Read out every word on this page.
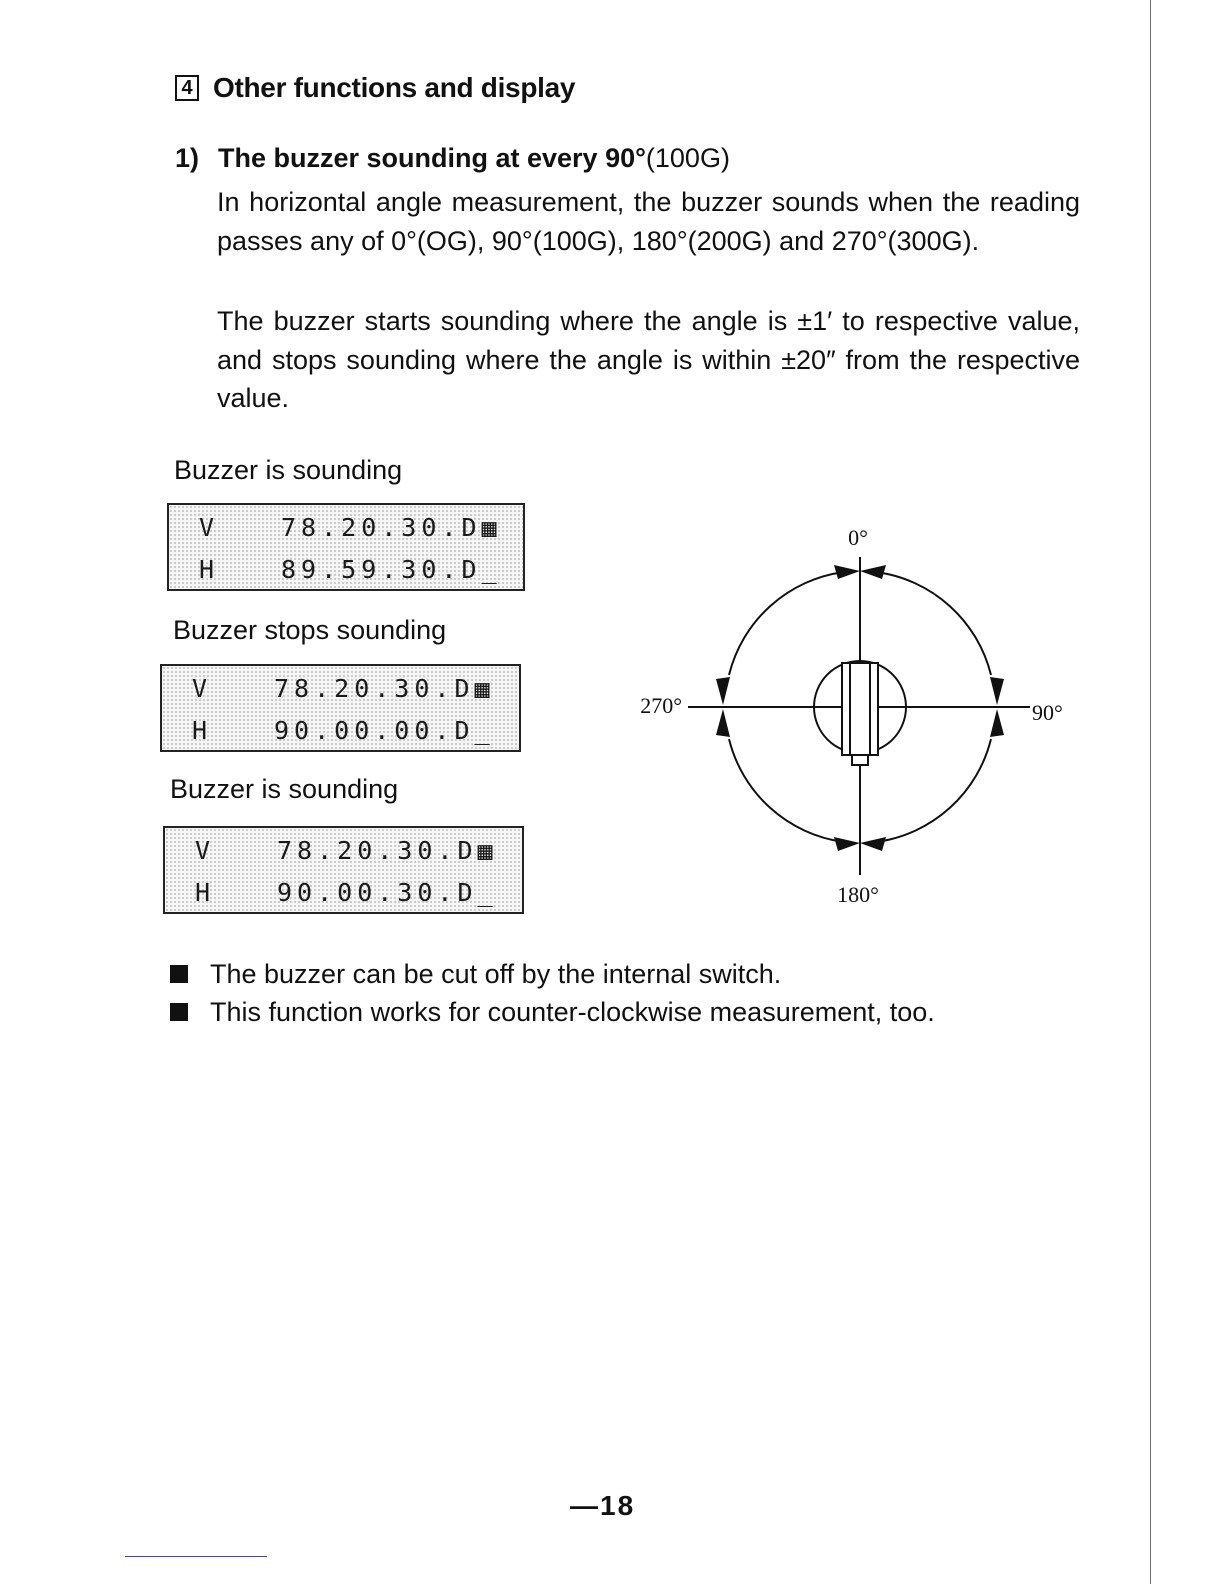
4 Other functions and display
1) The buzzer sounding at every 90°(100G)

In horizontal angle measurement, the buzzer sounds when the reading passes any of 0°(OG), 90°(100G), 180°(200G) and 270°(300G).

The buzzer starts sounding where the angle is ±1′ to respective value, and stops sounding where the angle is within ±20″ from the respective value.

Buzzer is sounding
V	78.20.30.D▦
H	89.59.30.D_
Buzzer stops sounding
V	78.20.30.D▦
H	90.00.00.D_
Buzzer is sounding
V	78.20.30.D▦
H	90.00.30.D_
0°
90°
180°
270°
The buzzer can be cut off by the internal switch.
This function works for counter-clockwise measurement, too.
—18
